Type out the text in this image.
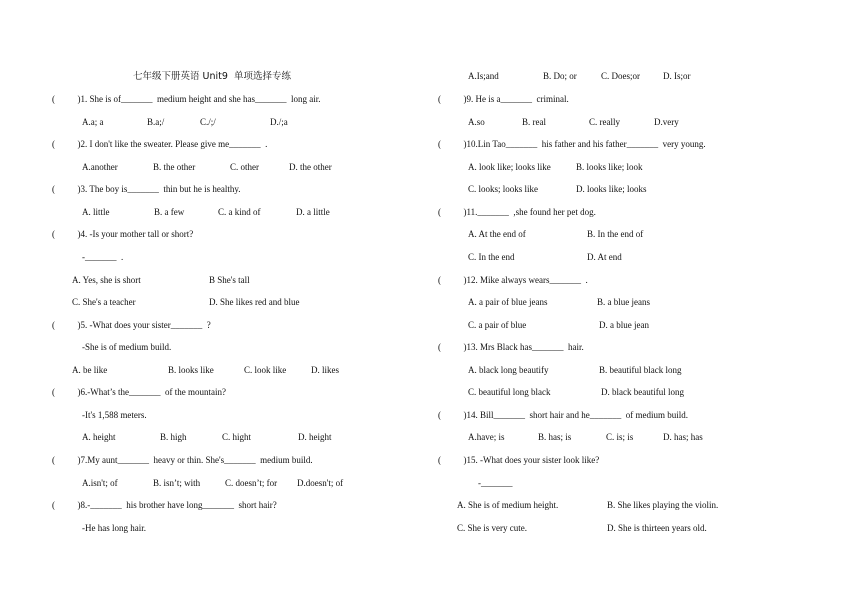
七年级下册英语 Unit9  单项选择专练
(          )1. She is of_______  medium height and she has_______  long air.
A.a; a	B.a;/	C./;/	D./;a
(          )2. I don't like the sweater. Please give me_______  .
A.another	B. the other	C. other	D. the other
(          )3. The boy is_______  thin but he is healthy.
A. little	B. a few	C. a kind of	D. a little
(          )4. -Is your mother tall or short?
-_______  .
A. Yes, she is short	B She's tall
C. She's a teacher	D. She likes red and blue
(          )5. -What does your sister_______  ?
-She is of medium build.
A. be like	B. looks like	C. look like	D. likes
(          )6.-What’s the_______  of the mountain?
-It's 1,588 meters.
A. height	B. high	C. hight	D. height
(          )7.My aunt_______  heavy or thin. She's_______  medium build.
A.isn't; of	B. isn’t; with	C. doesn’t; for D.doesn't; of
(          )8.-_______  his brother have long_______  short hair?
-He has long hair.
A.Is;and	B. Do; or	C. Does;or	D. Is;or
(          )9. He is a_______  criminal.
A.so	B. real	C. really	D.very
(          )10.Lin Tao_______  his father and his father_______  very young.
A. look like; looks like	B. looks like; look
C. looks; looks like	D. looks like; looks
(          )11._______  ,she found her pet dog.
A. At the end of	B. In the end of
C. In the end	D. At end
(          )12. Mike always wears_______  .
A. a pair of blue jeans	B. a blue jeans
C. a pair of blue	D. a blue jean
(          )13. Mrs Black has_______  hair.
A. black long beautify	B. beautiful black long
C. beautiful long black	D. black beautiful long
(          )14. Bill_______  short hair and he_______  of medium build.
A.have; is	B. has; is	C. is; is	D. has; has
(          )15. -What does your sister look like?
-_______
A. She is of medium height.	B. She likes playing the violin.
C. She is very cute.	D. She is thirteen years old.
